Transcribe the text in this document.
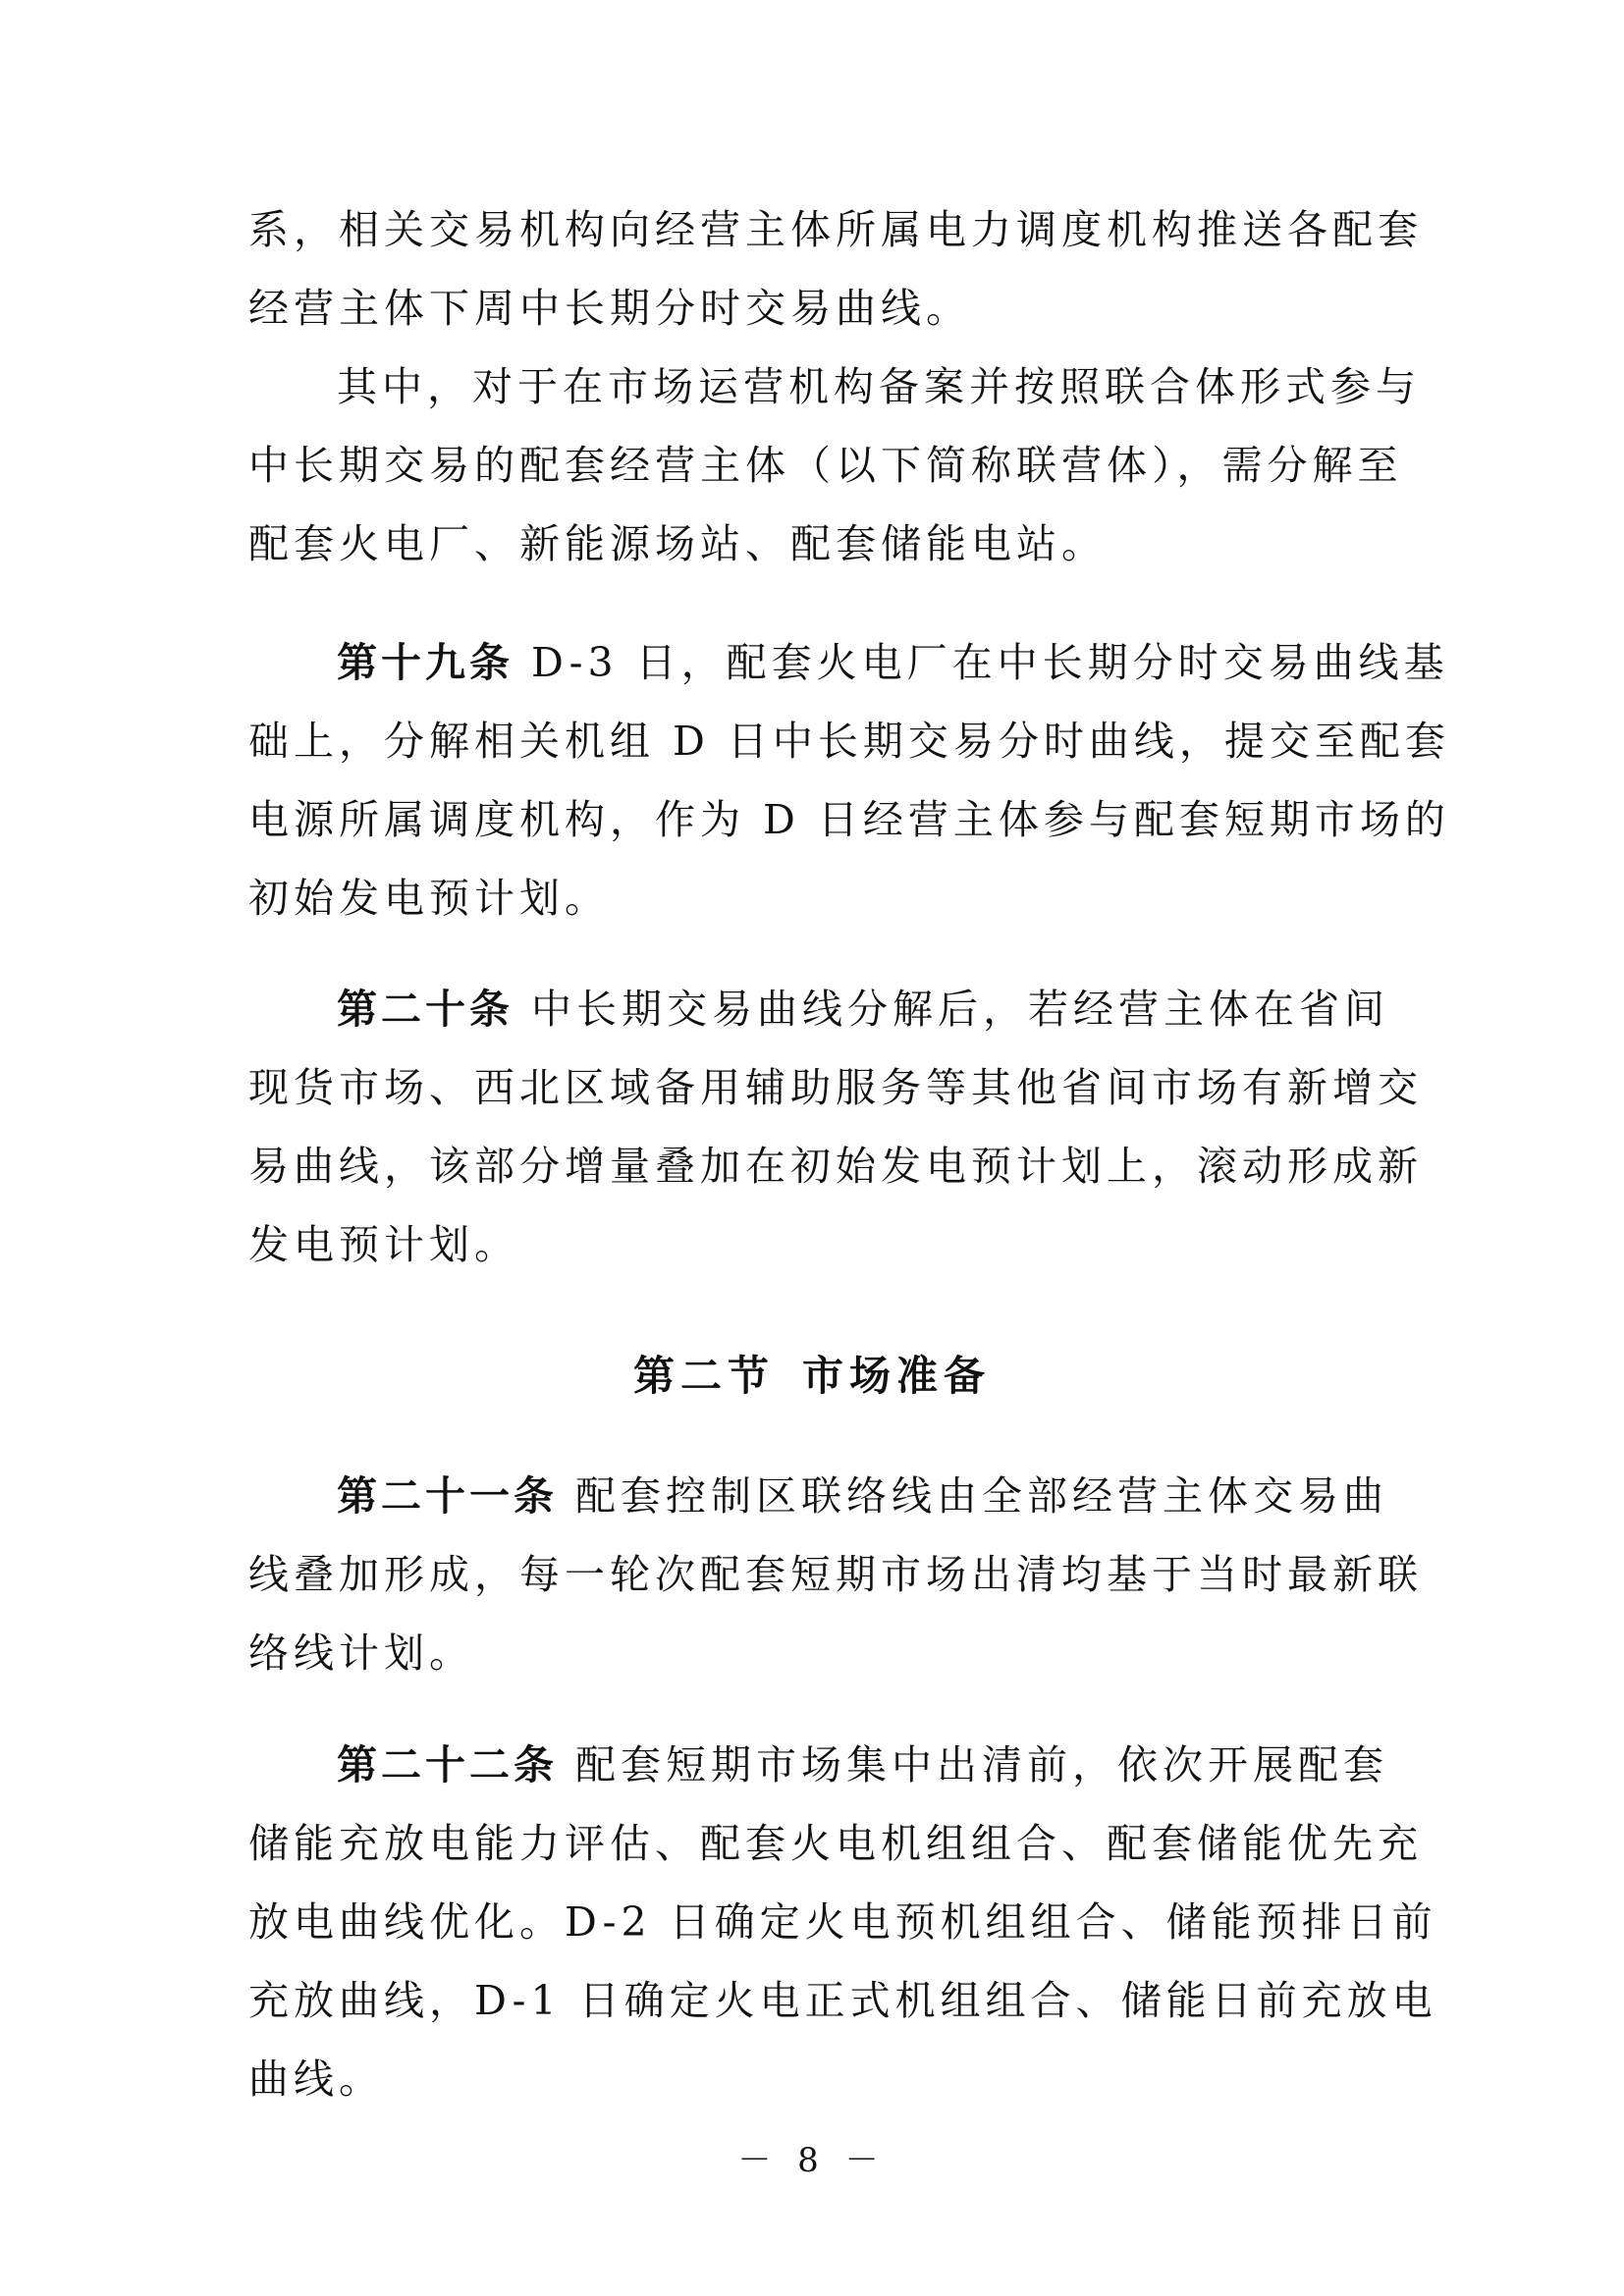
系，相关交易机构向经营主体所属电力调度机构推送各配套
经营主体下周中长期分时交易曲线。
其中，对于在市场运营机构备案并按照联合体形式参与
中长期交易的配套经营主体（以下简称联营体），需分解至
配套火电厂、新能源场站、配套储能电站。
第十九条 D-3 日，配套火电厂在中长期分时交易曲线基
础上，分解相关机组 D 日中长期交易分时曲线，提交至配套
电源所属调度机构，作为 D 日经营主体参与配套短期市场的
初始发电预计划。
第二十条 中长期交易曲线分解后，若经营主体在省间
现货市场、西北区域备用辅助服务等其他省间市场有新增交
易曲线，该部分增量叠加在初始发电预计划上，滚动形成新
发电预计划。
第二节 市场准备
第二十一条 配套控制区联络线由全部经营主体交易曲
线叠加形成，每一轮次配套短期市场出清均基于当时最新联
络线计划。
第二十二条 配套短期市场集中出清前，依次开展配套
储能充放电能力评估、配套火电机组组合、配套储能优先充
放电曲线优化。D-2 日确定火电预机组组合、储能预排日前
充放曲线，D-1 日确定火电正式机组组合、储能日前充放电
曲线。
－ 8 －
